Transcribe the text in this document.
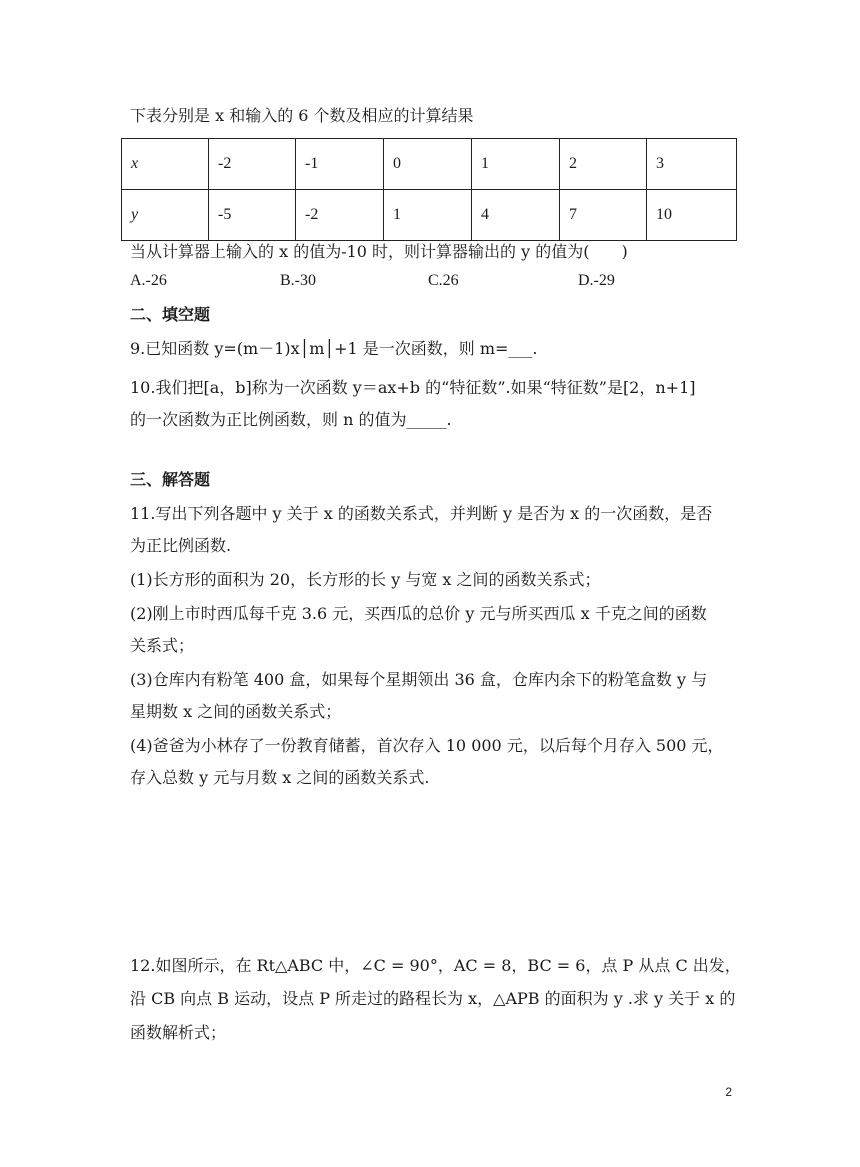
下表分别是 x 和输入的 6 个数及相应的计算结果
x	-2	-1	0	1	2	3
y	-5	-2	1	4	7	10
当从计算器上输入的 x 的值为-10 时，则计算器输出的 y 的值为(　　)
A.-26	B.-30	C.26	D.-29
二、填空题
9.已知函数 y=(m－1)x│m│+1 是一次函数，则 m=___.
10.我们把[a，b]称为一次函数 y＝ax+b 的“特征数”.如果“特征数”是[2，n+1]
的一次函数为正比例函数，则 n 的值为_____.
三、解答题
11.写出下列各题中 y 关于 x 的函数关系式，并判断 y 是否为 x 的一次函数，是否
为正比例函数.
(1)长方形的面积为 20，长方形的长 y 与宽 x 之间的函数关系式；
(2)刚上市时西瓜每千克 3.6 元，买西瓜的总价 y 元与所买西瓜 x 千克之间的函数
关系式；
(3)仓库内有粉笔 400 盒，如果每个星期领出 36 盒，仓库内余下的粉笔盒数 y 与
星期数 x 之间的函数关系式；
(4)爸爸为小林存了一份教育储蓄，首次存入 10 000 元，以后每个月存入 500 元，
存入总数 y 元与月数 x 之间的函数关系式.
12.如图所示，在 Rt△ABC 中，∠C = 90°，AC = 8，BC = 6，点 P 从点 C 出发，
沿 CB 向点 B 运动，设点 P 所走过的路程长为 x，△APB 的面积为 y .求 y 关于 x 的
函数解析式；
2
